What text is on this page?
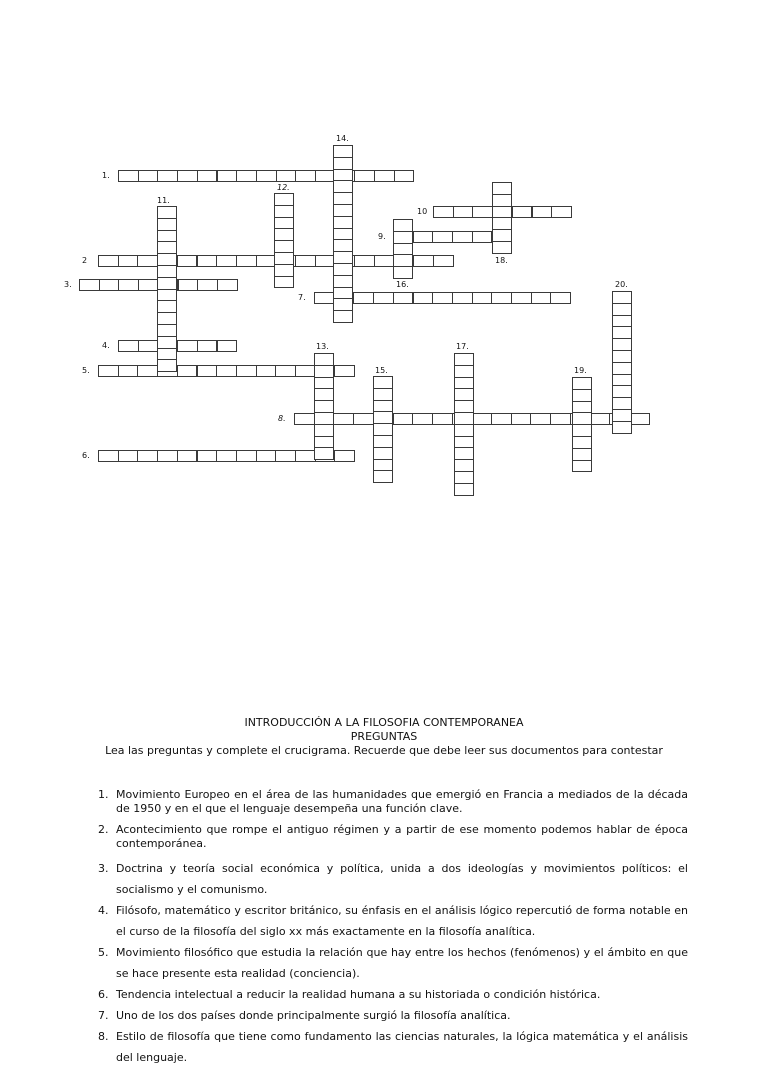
1.
2
3.
4.
5.
6.
7.
8.
9.
10
11.
12.
13.
14.
15.
16.
17.
18.
19.
20.
INTRODUCCIÓN A LA FILOSOFIA CONTEMPORANEA
PREGUNTAS
Lea las preguntas y complete el crucigrama. Recuerde que debe leer sus documentos para contestar
1. Movimiento Europeo en el área de las humanidades que emergió en Francia a mediados de la década de 1950 y en el que el lenguaje desempeña una función clave.
2. Acontecimiento que rompe el antiguo régimen y a partir de ese momento podemos hablar de época contemporánea.
3. Doctrina y teoría social económica y política, unida a dos ideologías y movimientos políticos: el socialismo y el comunismo.
4. Filósofo, matemático y escritor británico, su énfasis en el análisis lógico repercutió de forma notable en el curso de la filosofía del siglo xx más exactamente en la filosofía analítica.
5. Movimiento filosófico que estudia la relación que hay entre los hechos (fenómenos) y el ámbito en que se hace presente esta realidad (conciencia).
6. Tendencia intelectual a reducir la realidad humana a su historiada o condición histórica.
7. Uno de los dos países donde principalmente surgió la filosofía analítica.
8. Estilo de filosofía que tiene como fundamento las ciencias naturales, la lógica matemática y el análisis del lenguaje.
